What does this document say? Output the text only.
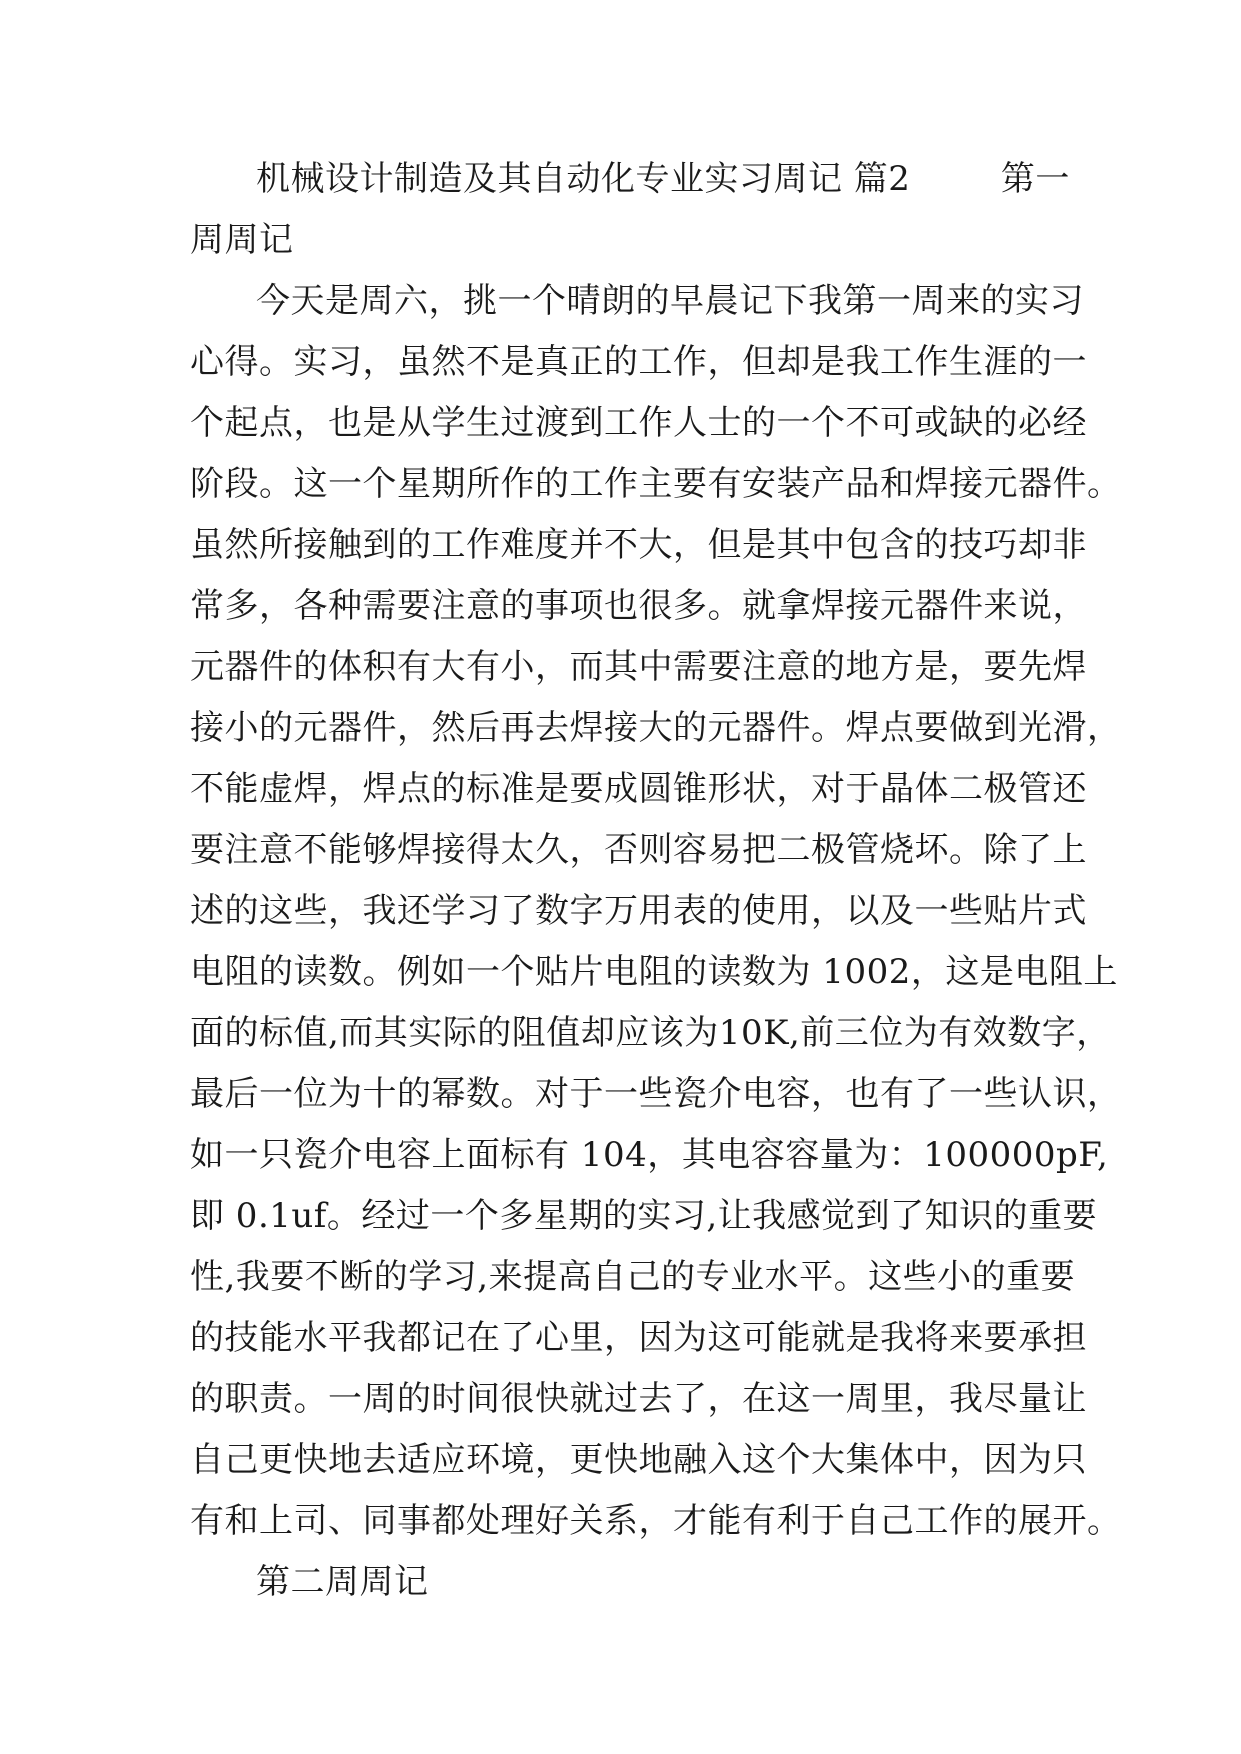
机械设计制造及其自动化专业实习周记 篇2        第一
周周记
今天是周六，挑一个晴朗的早晨记下我第一周来的实习
心得。实习，虽然不是真正的工作，但却是我工作生涯的一
个起点，也是从学生过渡到工作人士的一个不可或缺的必经
阶段。这一个星期所作的工作主要有安装产品和焊接元器件。
虽然所接触到的工作难度并不大，但是其中包含的技巧却非
常多，各种需要注意的事项也很多。就拿焊接元器件来说，
元器件的体积有大有小，而其中需要注意的地方是，要先焊
接小的元器件，然后再去焊接大的元器件。焊点要做到光滑，
不能虚焊，焊点的标准是要成圆锥形状，对于晶体二极管还
要注意不能够焊接得太久，否则容易把二极管烧坏。除了上
述的这些，我还学习了数字万用表的使用，以及一些贴片式
电阻的读数。例如一个贴片电阻的读数为 1002，这是电阻上
面的标值,而其实际的阻值却应该为10K,前三位为有效数字，
最后一位为十的幂数。对于一些瓷介电容，也有了一些认识，
如一只瓷介电容上面标有 104，其电容容量为：100000pF,
即 0.1uf。经过一个多星期的实习,让我感觉到了知识的重要
性,我要不断的学习,来提高自己的专业水平。这些小的重要
的技能水平我都记在了心里，因为这可能就是我将来要承担
的职责。一周的时间很快就过去了，在这一周里，我尽量让
自己更快地去适应环境，更快地融入这个大集体中，因为只
有和上司、同事都处理好关系，才能有利于自己工作的展开。
第二周周记
